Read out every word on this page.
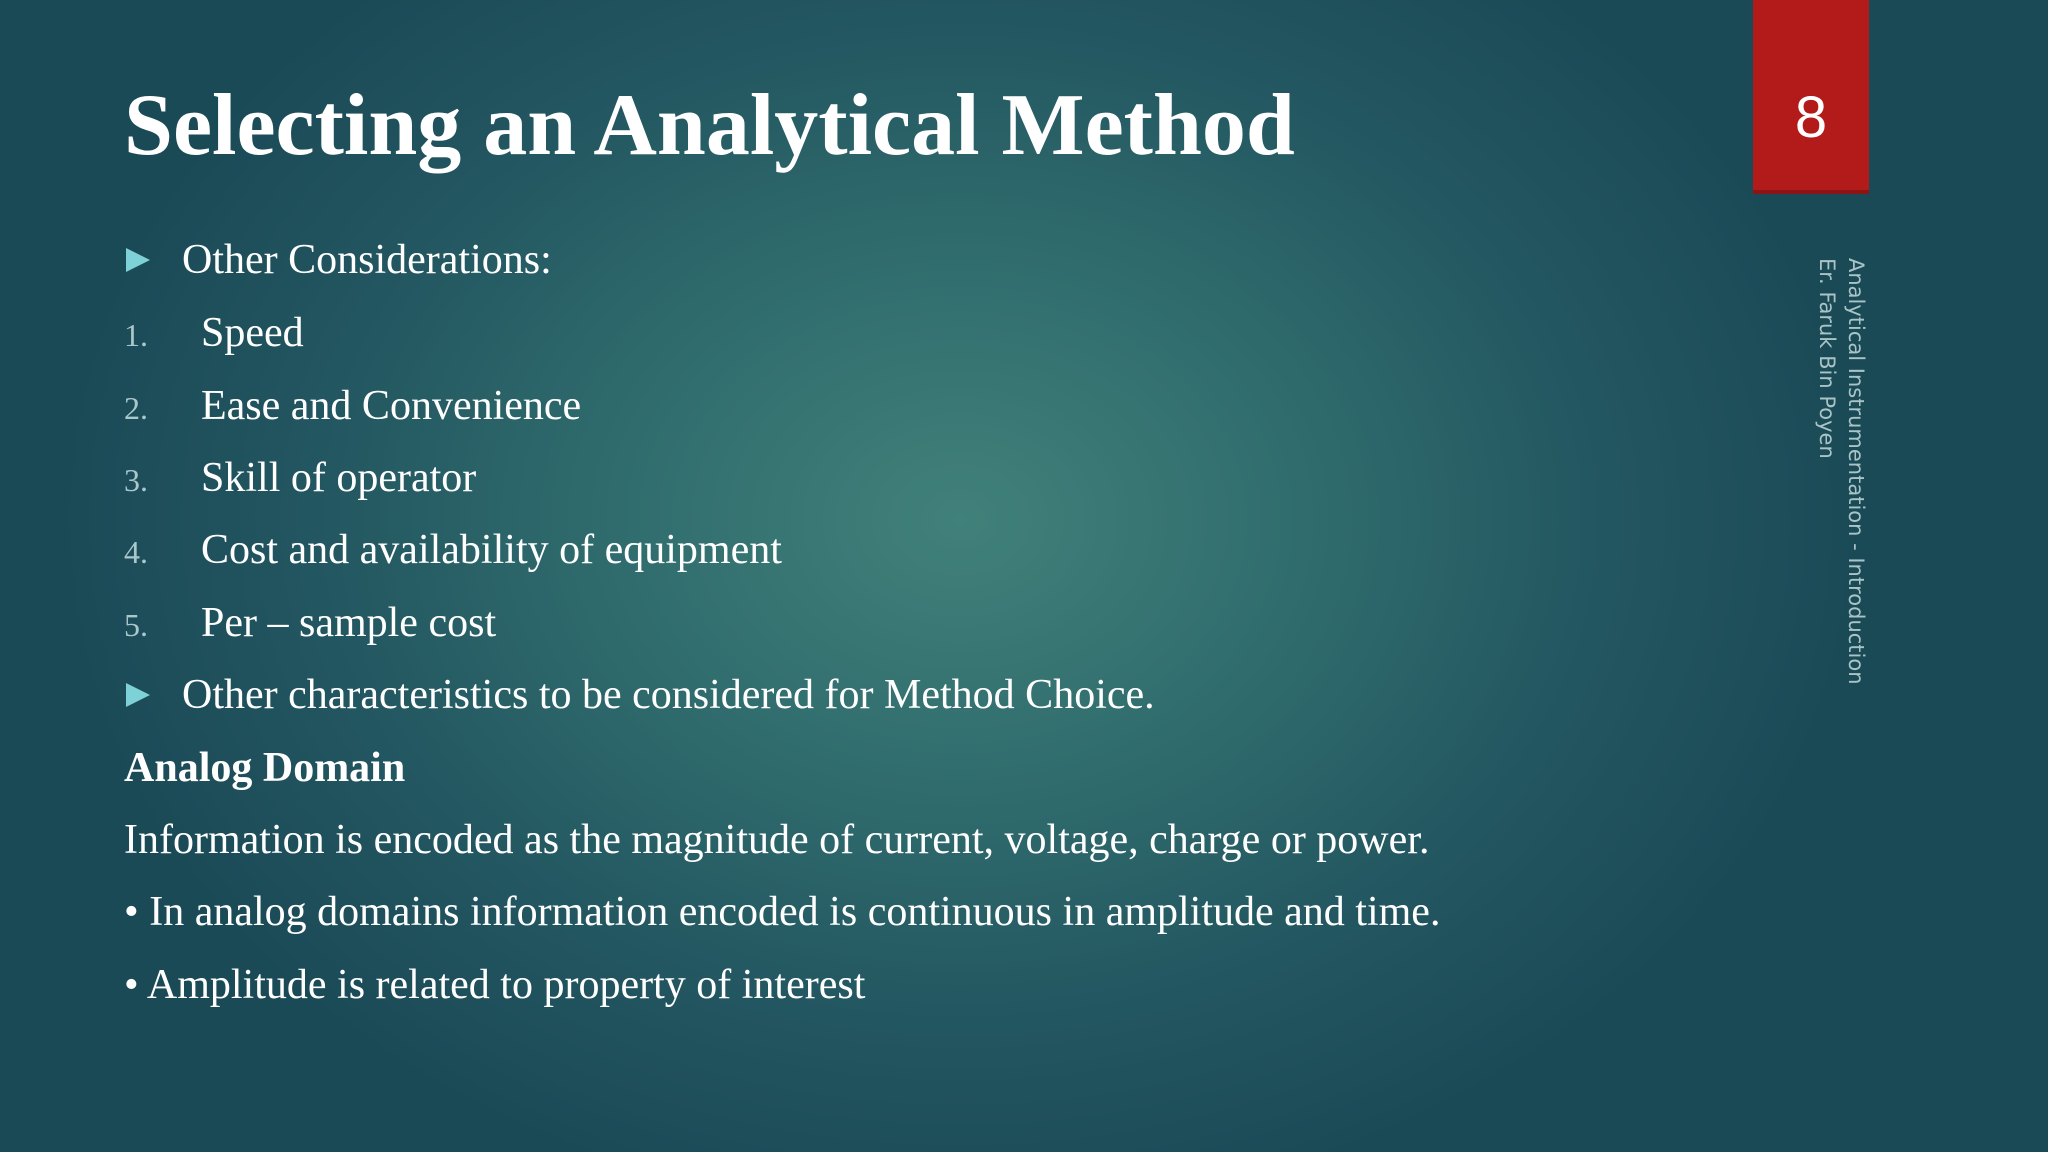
Selecting an Analytical Method	8
Analytical Instrumentation - Introduction
Er. Faruk Bin Poyen
Other Considerations:
1. Speed
2. Ease and Convenience
3. Skill of operator
4. Cost and availability of equipment
5. Per – sample cost
Other characteristics to be considered for Method Choice.
Analog Domain
Information is encoded as the magnitude of current, voltage, charge or power.
• In analog domains information encoded is continuous in amplitude and time.
• Amplitude is related to property of interest
